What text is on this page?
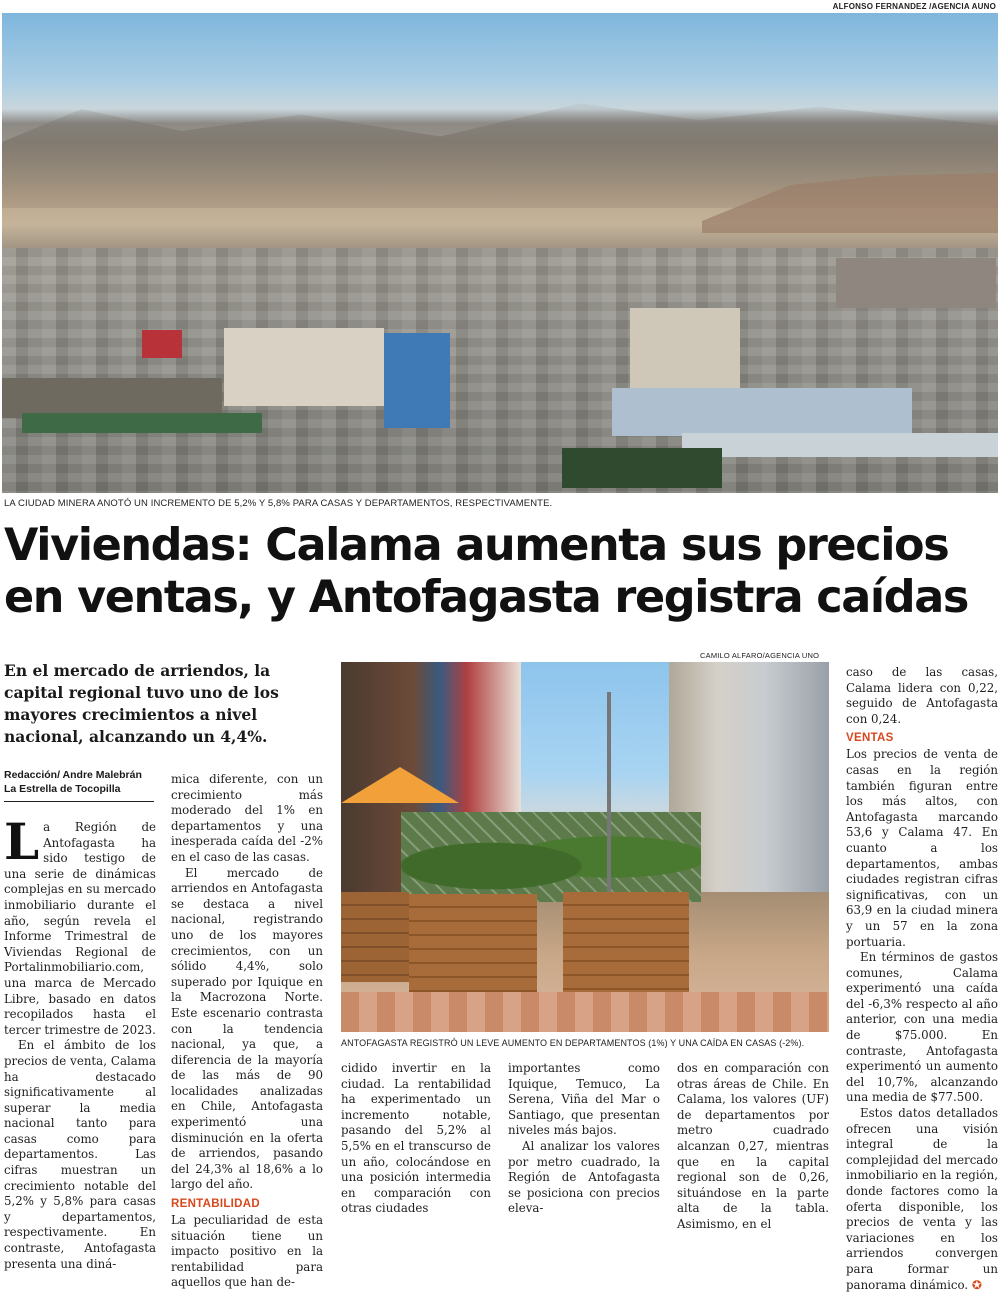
ALFONSO FERNANDEZ /AGENCIA AUNO
LA CIUDAD MINERA ANOTÓ UN INCREMENTO DE 5,2% Y 5,8% PARA CASAS Y DEPARTAMENTOS, RESPECTIVAMENTE.
Viviendas: Calama aumenta sus precios
en ventas, y Antofagasta registra caídas

En el mercado de arriendos, la capital regional tuvo uno de los mayores crecimientos a nivel nacional, alcanzando un 4,4%.

Redacción/ Andre Malebrán
La Estrella de Tocopilla

La Región de Antofagasta ha sido testigo de una serie de dinámicas complejas en su mercado inmobiliario durante el año, según revela el Informe Trimestral de Viviendas Regional de Portalinmobiliario.com, una marca de Mercado Libre, basado en datos recopilados hasta el tercer trimestre de 2023.

En el ámbito de los precios de venta, Calama ha destacado significativamente al superar la media nacional tanto para casas como para departamentos. Las cifras muestran un crecimiento notable del 5,2% y 5,8% para casas y departamentos, respectivamente. En contraste, Antofagasta presenta una diná-

mica diferente, con un crecimiento más moderado del 1% en departamentos y una inesperada caída del -2% en el caso de las casas.

El mercado de arriendos en Antofagasta se destaca a nivel nacional, registrando uno de los mayores crecimientos, con un sólido 4,4%, solo superado por Iquique en la Macrozona Norte. Este escenario contrasta con la tendencia nacional, ya que, a diferencia de la mayoría de las más de 90 localidades analizadas en Chile, Antofagasta experimentó una disminución en la oferta de arriendos, pasando del 24,3% al 18,6% a lo largo del año.

RENTABILIDAD

La peculiaridad de esta situación tiene un impacto positivo en la rentabilidad para aquellos que han de-

CAMILO ALFARO/AGENCIA UNO
ANTOFAGASTA REGISTRÓ UN LEVE AUMENTO EN DEPARTAMENTOS (1%) Y UNA CAÍDA EN CASAS (-2%).

cidido invertir en la ciudad. La rentabilidad ha experimentado un incremento notable, pasando del 5,2% al 5,5% en el transcurso de un año, colocándose en una posición intermedia en comparación con otras ciudades

importantes como Iquique, Temuco, La Serena, Viña del Mar o Santiago, que presentan niveles más bajos.

Al analizar los valores por metro cuadrado, la Región de Antofagasta se posiciona con precios eleva-

dos en comparación con otras áreas de Chile. En Calama, los valores (UF) de departamentos por metro cuadrado alcanzan 0,27, mientras que en la capital regional son de 0,26, situándose en la parte alta de la tabla. Asimismo, en el

caso de las casas, Calama lidera con 0,22, seguido de Antofagasta con 0,24.

VENTAS

Los precios de venta de casas en la región también figuran entre los más altos, con Antofagasta marcando 53,6 y Calama 47. En cuanto a los departamentos, ambas ciudades registran cifras significativas, con un 63,9 en la ciudad minera y un 57 en la zona portuaria.

En términos de gastos comunes, Calama experimentó una caída del -6,3% respecto al año anterior, con una media de $75.000. En contraste, Antofagasta experimentó un aumento del 10,7%, alcanzando una media de $77.500.

Estos datos detallados ofrecen una visión integral de la complejidad del mercado inmobiliario en la región, donde factores como la oferta disponible, los precios de venta y las variaciones en los arriendos convergen para formar un panorama dinámico. ✪
